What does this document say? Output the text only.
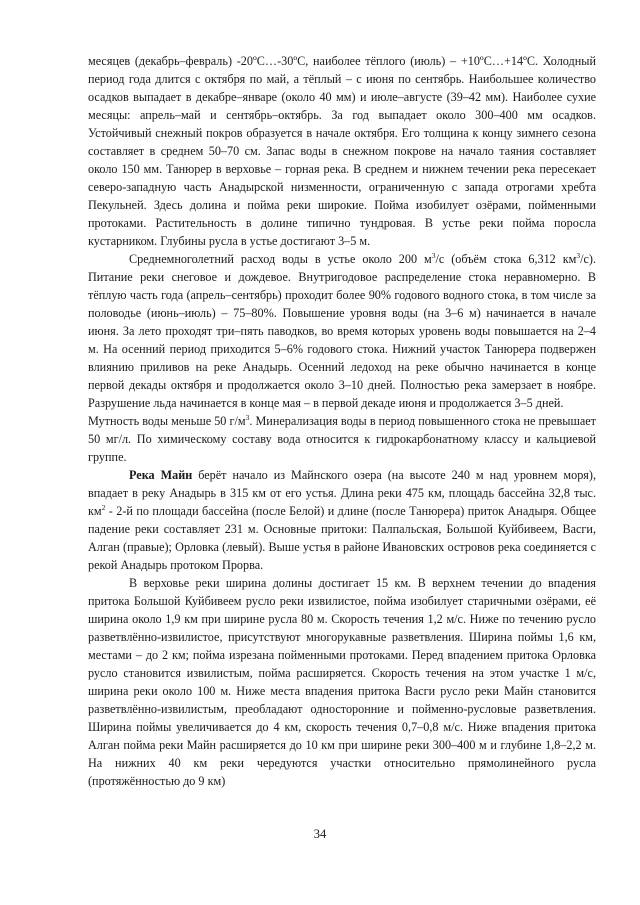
месяцев (декабрь–февраль) -20ºC…-30ºC, наиболее тёплого (июль) – +10ºС…+14ºС. Холодный период года длится с октября по май, а тёплый – с июня по сентябрь. Наибольшее количество осадков выпадает в декабре–январе (около 40 мм) и июле–августе (39–42 мм). Наиболее сухие месяцы: апрель–май и сентябрь–октябрь. За год выпадает около 300–400 мм осадков. Устойчивый снежный покров образуется в начале октября. Его толщина к концу зимнего сезона составляет в среднем 50–70 см. Запас воды в снежном покрове на начало таяния составляет около 150 мм. Танюрер в верховье – горная река. В среднем и нижнем течении река пересекает северо-западную часть Анадырской низменности, ограниченную с запада отрогами хребта Пекульней. Здесь долина и пойма реки широкие. Пойма изобилует озёрами, пойменными протоками. Растительность в долине типично тундровая. В устье реки пойма поросла кустарником. Глубины русла в устье достигают 3–5 м.

Среднемноголетний расход воды в устье около 200 $м^3/с$ (объём стока 6,312 $км^3/с$). Питание реки снеговое и дождевое. Внутригодовое распределение стока неравномерно. В тёплую часть года (апрель–сентябрь) проходит более 90% годового водного стока, в том числе за половодье (июнь–июль) – 75–80%. Повышение уровня воды (на 3–6 м) начинается в начале июня. За лето проходят три–пять паводков, во время которых уровень воды повышается на 2–4 м. На осенний период приходится 5–6% годового стока. Нижний участок Танюрера подвержен влиянию приливов на реке Анадырь. Осенний ледоход на реке обычно начинается в конце первой декады октября и продолжается около 3–10 дней. Полностью река замерзает в ноябре. Разрушение льда начинается в конце мая – в первой декаде июня и продолжается 3–5 дней.

Мутность воды меньше 50 $г/м^3$. Минерализация воды в период повышенного стока не превышает 50 мг/л. По химическому составу вода относится к гидрокарбонатному классу и кальциевой группе.

Река Майн берёт начало из Майнского озера (на высоте 240 м над уровнем моря), впадает в реку Анадырь в 315 км от его устья. Длина реки 475 км, площадь бассейна 32,8 тыс. $км^2 - 2-й$ по площади бассейна (после Белой) и длине (после Танюрера) приток Анадыря. Общее падение реки составляет 231 м. Основные притоки: Палпальская, Большой Куйбивеем, Васги, Алган (правые); Орловка (левый). Выше устья в районе Ивановских островов река соединяется с рекой Анадырь протоком Прорва.

В верховье реки ширина долины достигает 15 км. В верхнем течении до впадения притока Большой Куйбивеем русло реки извилистое, пойма изобилует старичными озёрами, её ширина около 1,9 км при ширине русла 80 м. Скорость течения 1,2 м/с. Ниже по течению русло разветвлённо-извилистое, присутствуют многорукавные разветвления. Ширина поймы 1,6 км, местами – до 2 км; пойма изрезана пойменными протоками. Перед впадением притока Орловка русло становится извилистым, пойма расширяется. Скорость течения на этом участке 1 м/с, ширина реки около 100 м. Ниже места впадения притока Васги русло реки Майн становится разветвлённо-извилистым, преобладают односторонние и пойменно-русловые разветвления. Ширина поймы увеличивается до 4 км, скорость течения 0,7–0,8 м/с. Ниже впадения притока Алган пойма реки Майн расширяется до 10 км при ширине реки 300–400 м и глубине 1,8–2,2 м. На нижних 40 км реки чередуются участки относительно прямолинейного русла (протяжённостью до 9 км)

34
